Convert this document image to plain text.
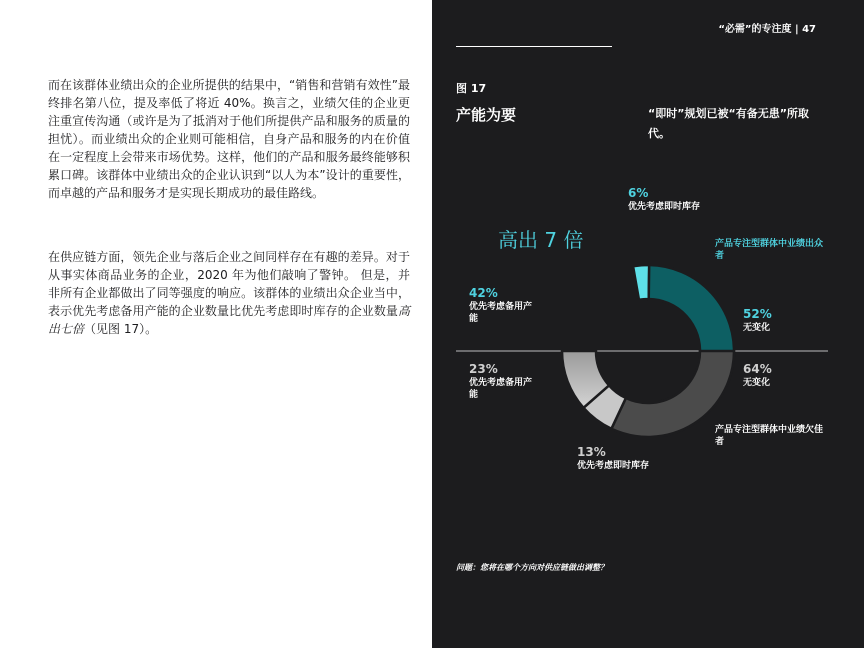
而在该群体业绩出众的企业所提供的结果中，“销售和营销有效性”最终排名第八位，提及率低了将近 40%。换言之，业绩欠佳的企业更注重宣传沟通（或许是为了抵消对于他们所提供产品和服务的质量的担忧）。而业绩出众的企业则可能相信，自身产品和服务的内在价值在一定程度上会带来市场优势。这样，他们的产品和服务最终能够积累口碑。该群体中业绩出众的企业认识到“以人为本”设计的重要性，而卓越的产品和服务才是实现长期成功的最佳路线。

在供应链方面，领先企业与落后企业之间同样存在有趣的差异。对于从事实体商品业务的企业，2020 年为他们敲响了警钟。 但是，并非所有企业都做出了同等强度的响应。该群体的业绩出众企业当中，表示优先考虑备用产能的企业数量比优先考虑即时库存的企业数量高出七倍（见图 17）。

“必需”的专注度 | 47
图 17
产能为要	“即时”规划已被“有备无患”所取代。
高出 7 倍
6%
优先考虑即时库存
52%
无变化
42%
优先考虑备用产能
产品专注型群体中业绩出众者
64%
无变化
13%
优先考虑即时库存
23%
优先考虑备用产能
产品专注型群体中业绩欠佳者
问题：您将在哪个方向对供应链做出调整？
